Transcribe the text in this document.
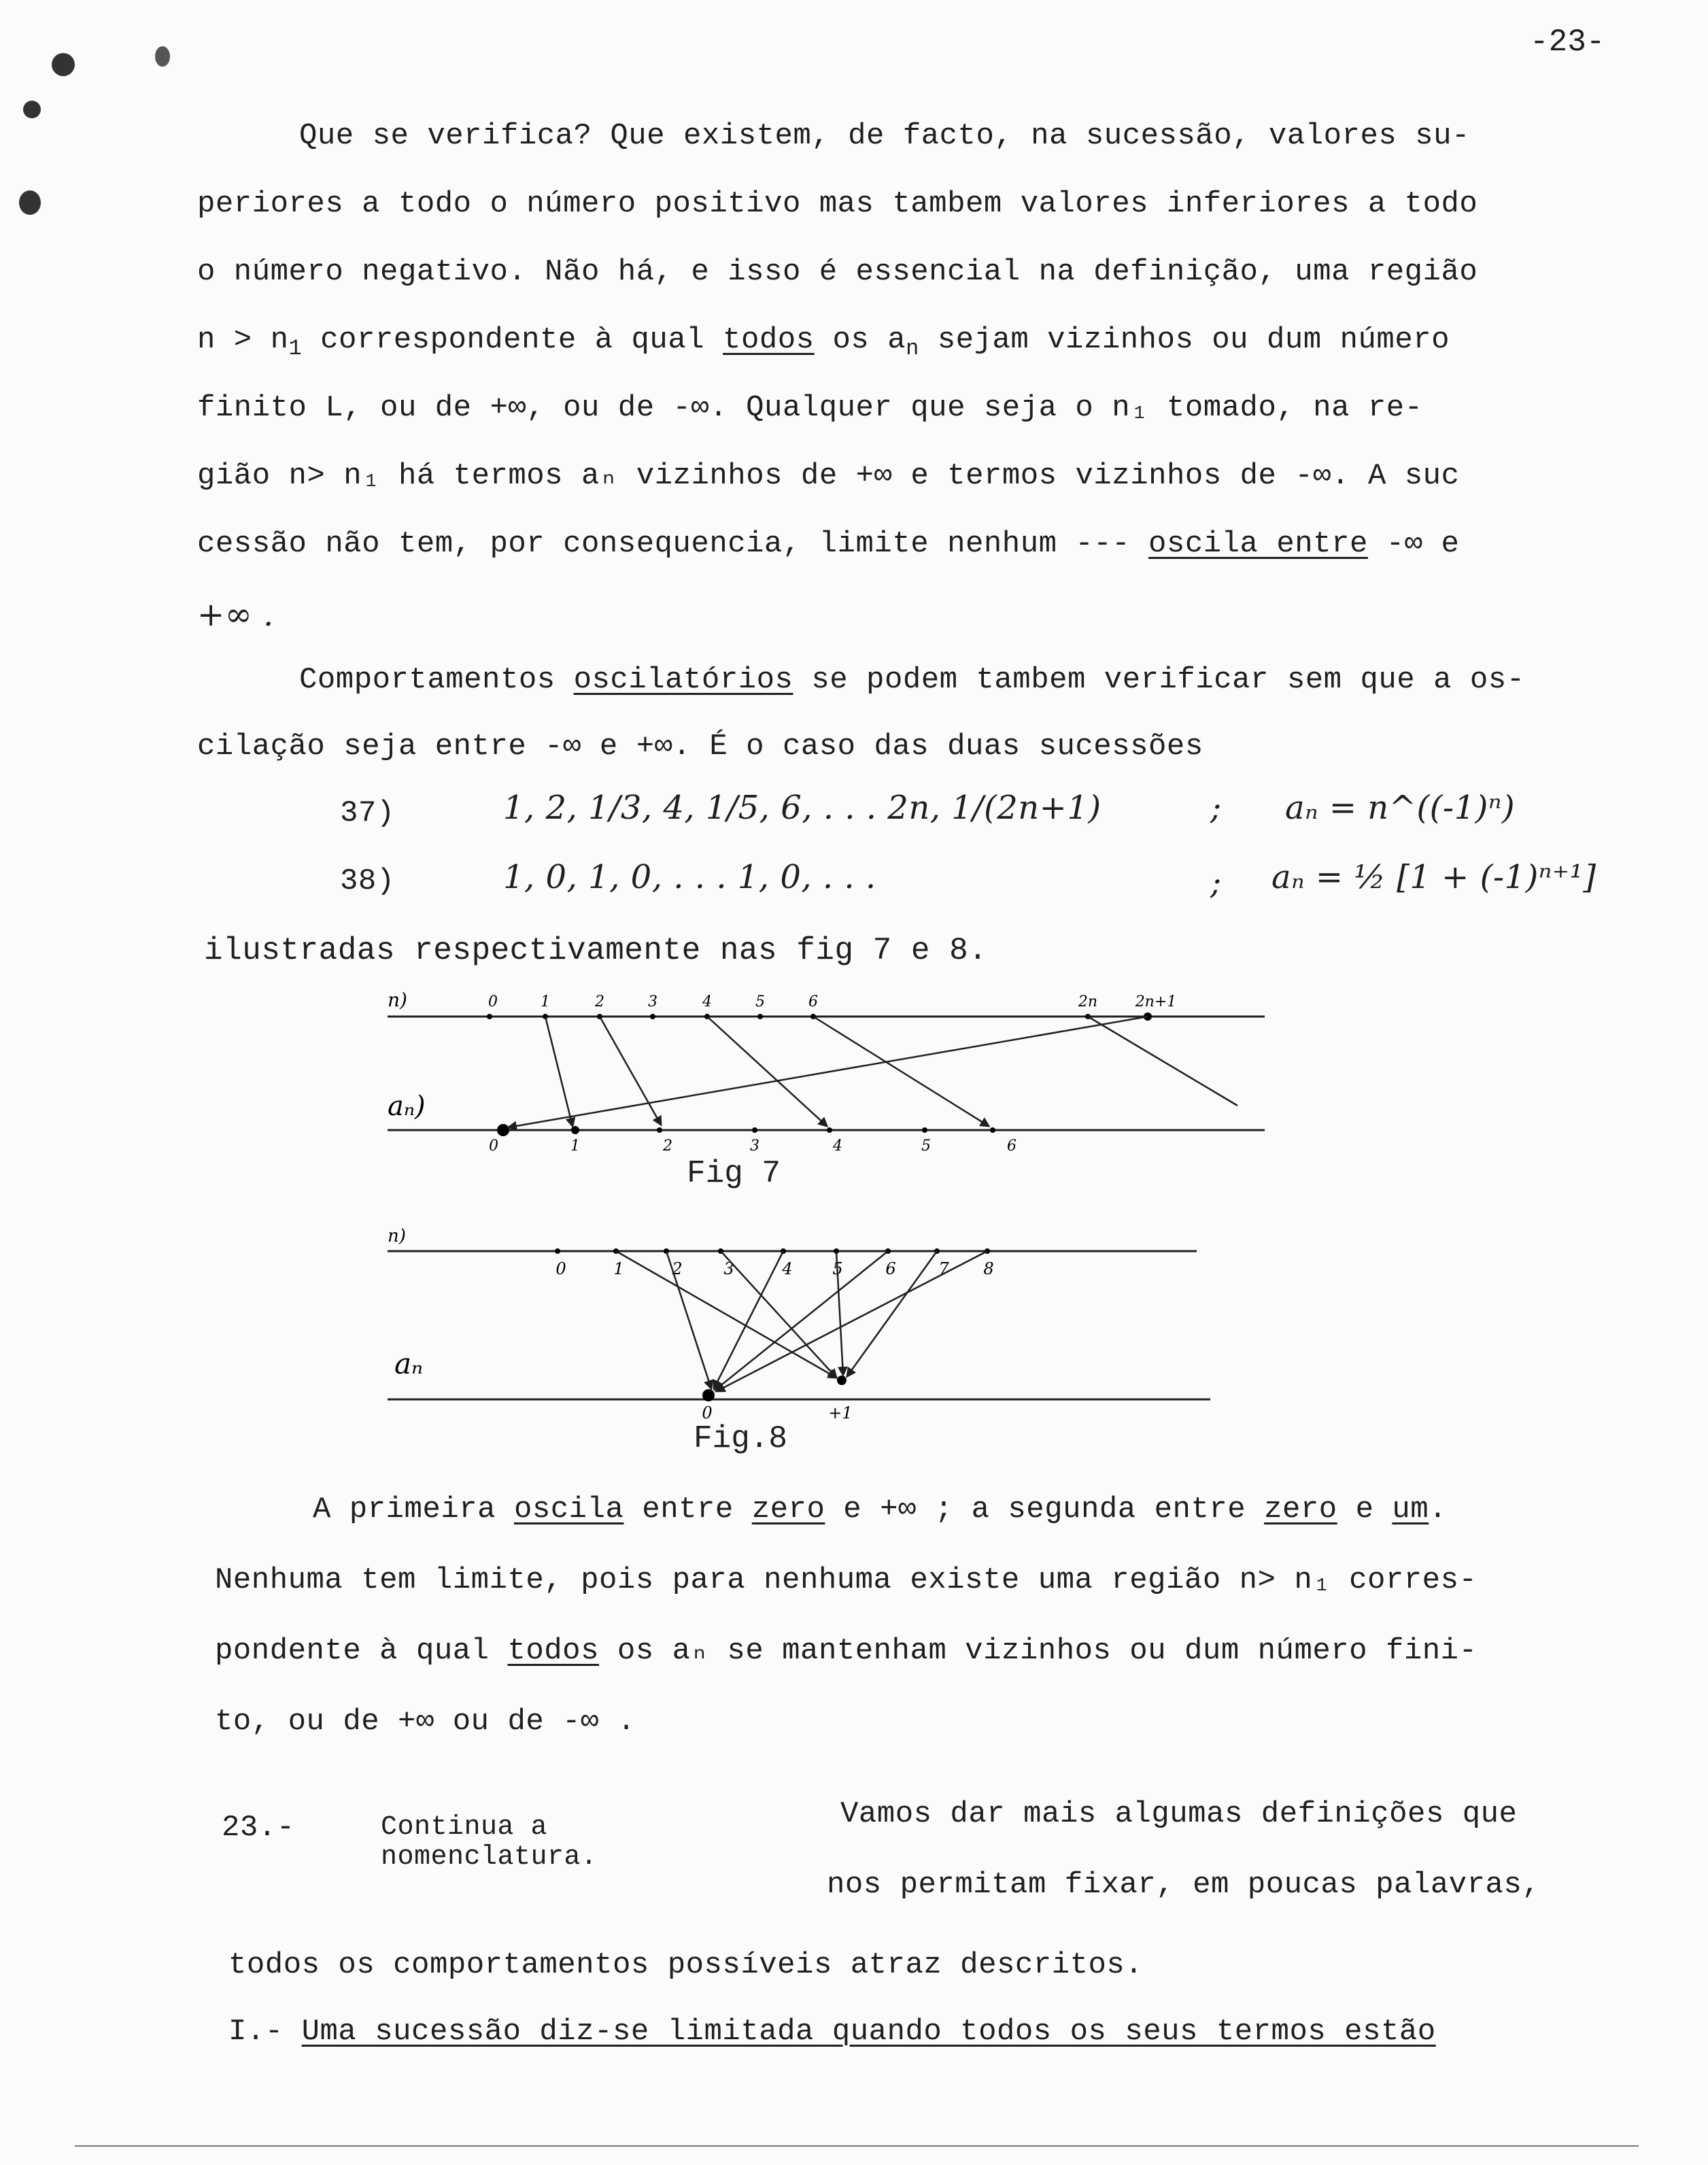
-23-
Que se verifica? Que existem, de facto, na sucessão, valores su-
periores a todo o número positivo mas tambem valores inferiores a todo
o número negativo. Não há, e isso é essencial na definição, uma região
$n > n_1$ correspondente à qual todos os $a_n$ sejam vizinhos ou dum número
finito L, ou de +∞, ou de -∞. Qualquer que seja o n₁ tomado, na re-
gião n> n₁ há termos aₙ vizinhos de +∞ e termos vizinhos de -∞. A suc
cessão não tem, por consequencia, limite nenhum --- oscila entre -∞ e
+∞ .
Comportamentos oscilatórios se podem tambem verificar sem que a os-
cilação seja entre -∞ e +∞. É o caso das duas sucessões
37)	1, 2, 1/3, 4, 1/5, 6, . . . 2n, 1/(2n+1)	; aₙ = n^((-1)ⁿ)
38)	1, 0, 1, 0, . . . 1, 0, . . .	; aₙ = ½ [1 + (-1)ⁿ⁺¹]
ilustradas respectivamente nas fig 7 e 8.
n)
aₙ)
0	1	2	3	4	5	6	2n	2n+1
0	1	2	3	4	5	6
Fig 7
n)
aₙ
0	1	2	3	4 5	6	7 8
0	+1
Fig.8
A primeira oscila entre zero e +∞ ; a segunda entre zero e um.
Nenhuma tem limite, pois para nenhuma existe uma região n> n₁ corres-
pondente à qual todos os aₙ se mantenham vizinhos ou dum número fini-
to, ou de +∞ ou de -∞ .
23.-	Continua a
nomenclatura.
Vamos dar mais algumas definições que
nos permitam fixar, em poucas palavras,
todos os comportamentos possíveis atraz descritos.
I.- Uma sucessão diz-se limitada quando todos os seus termos estão
